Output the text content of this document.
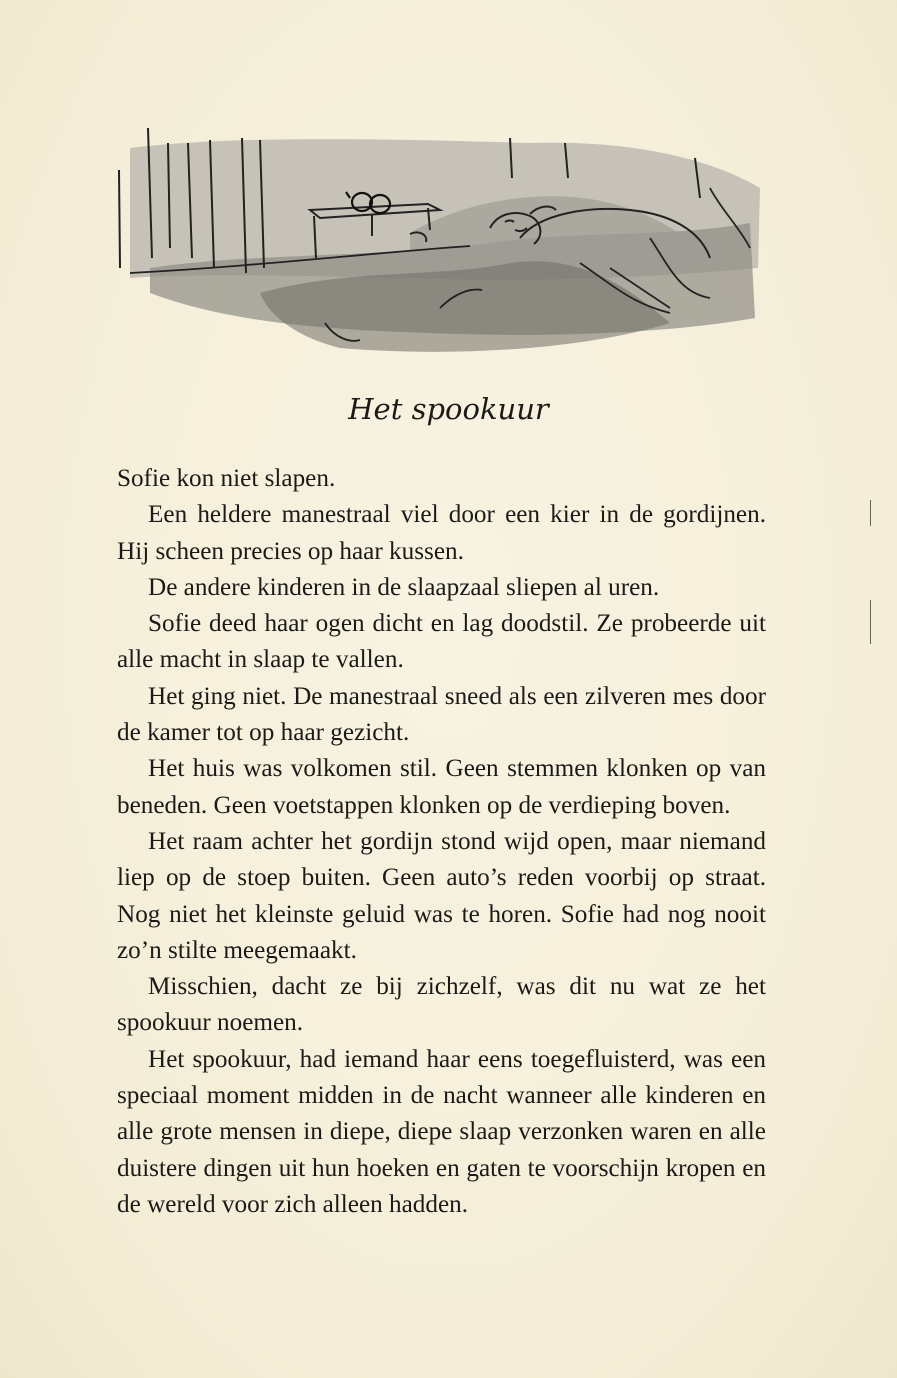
Het spookuur

Sofie kon niet slapen.

Een heldere manestraal viel door een kier in de gordijnen. Hij scheen precies op haar kussen.

De andere kinderen in de slaapzaal sliepen al uren.

Sofie deed haar ogen dicht en lag doodstil. Ze probeerde uit alle macht in slaap te vallen.

Het ging niet. De manestraal sneed als een zilveren mes door de kamer tot op haar gezicht.

Het huis was volkomen stil. Geen stemmen klonken op van beneden. Geen voetstappen klonken op de verdieping boven.

Het raam achter het gordijn stond wijd open, maar niemand liep op de stoep buiten. Geen auto’s reden voorbij op straat. Nog niet het kleinste geluid was te horen. Sofie had nog nooit zo’n stilte meegemaakt.

Misschien, dacht ze bij zichzelf, was dit nu wat ze het spookuur noemen.

Het spookuur, had iemand haar eens toegefluisterd, was een speciaal moment midden in de nacht wanneer alle kinderen en alle grote mensen in diepe, diepe slaap verzonken waren en alle duistere dingen uit hun hoeken en gaten te voorschijn kropen en de wereld voor zich alleen hadden.
